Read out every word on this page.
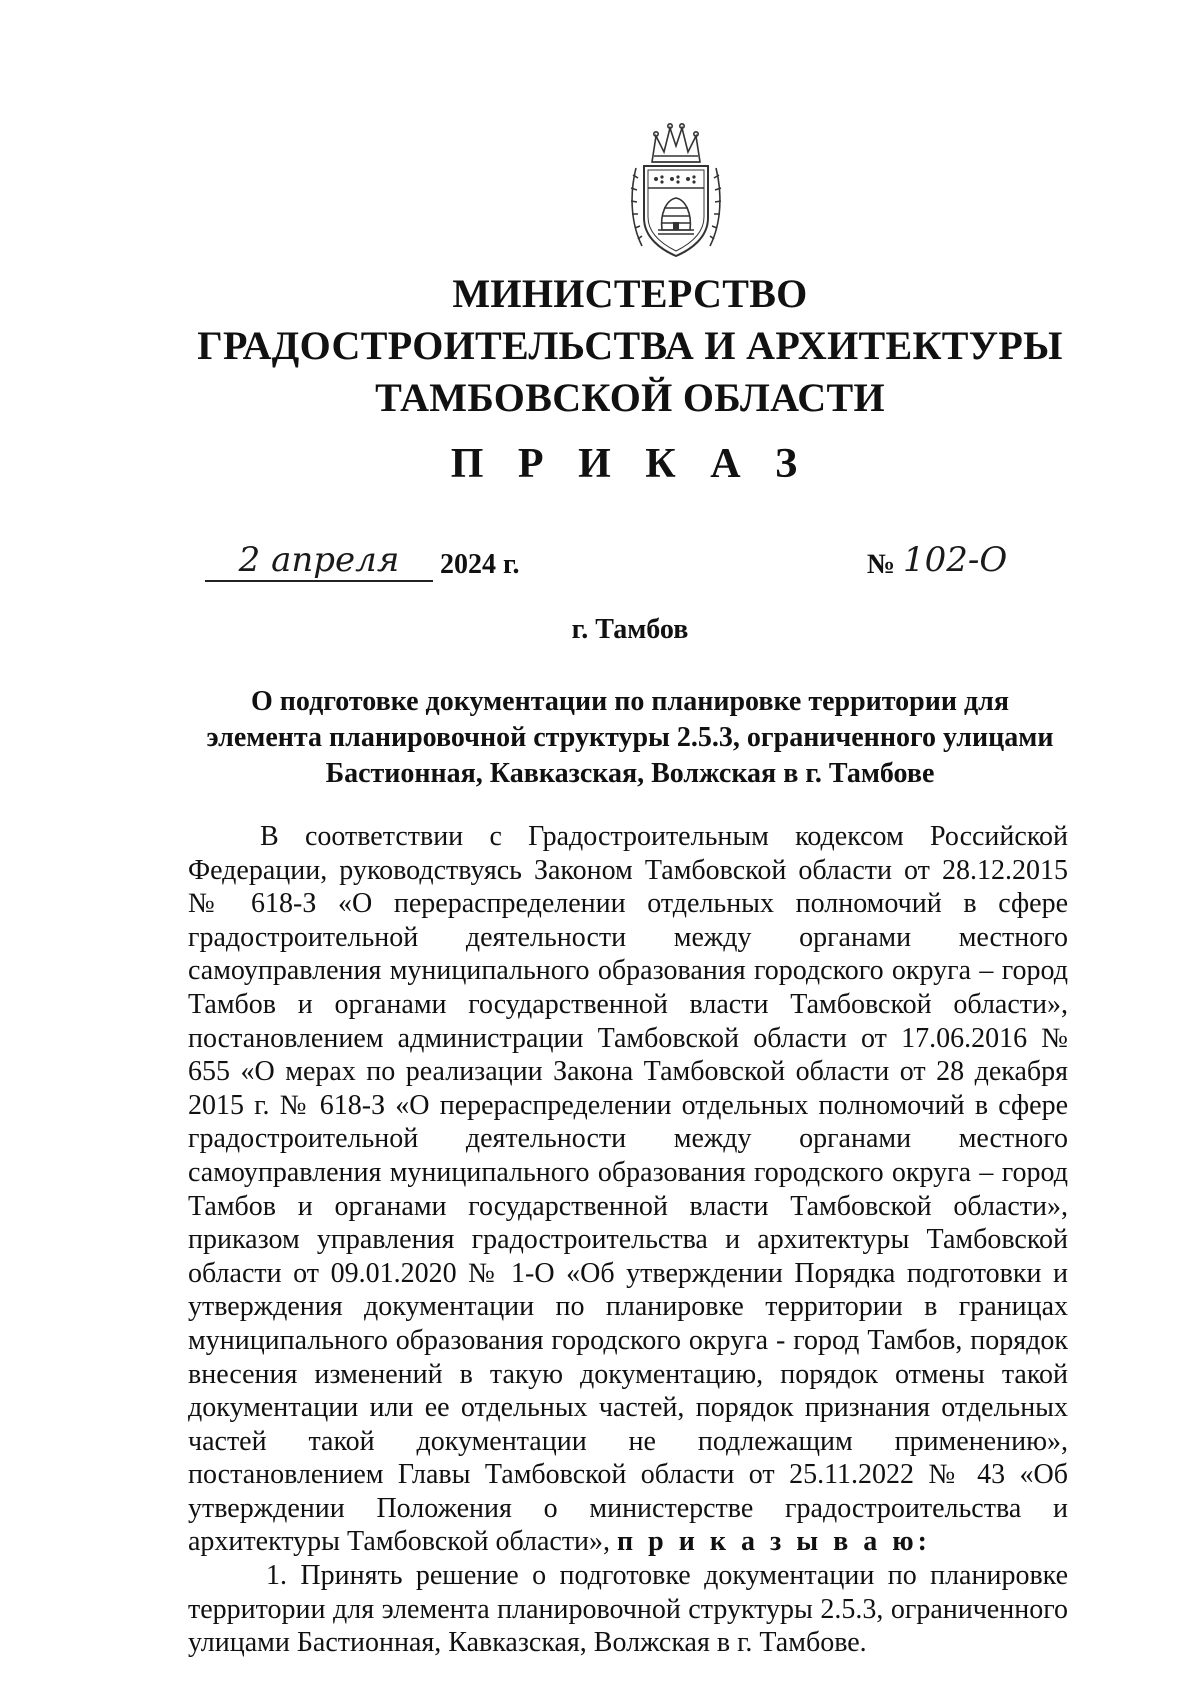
МИНИСТЕРСТВО
ГРАДОСТРОИТЕЛЬСТВА И АРХИТЕКТУРЫ
ТАМБОВСКОЙ ОБЛАСТИ
П Р И К А З
2 апреля	2024 г.	№ 102-О
г. Тамбов
О подготовке документации по планировке территории для элемента планировочной структуры 2.5.3, ограниченного улицами Бастионная, Кавказская, Волжская в г. Тамбове

В соответствии с Градостроительным кодексом Российской Федерации, руководствуясь Законом Тамбовской области от 28.12.2015 № 618-З «О перераспределении отдельных полномочий в сфере градостроительной деятельности между органами местного самоуправления муниципального образования городского округа – город Тамбов и органами государственной власти Тамбовской области», постановлением администрации Тамбовской области от 17.06.2016 № 655 «О мерах по реализации Закона Тамбовской области от 28 декабря 2015 г. № 618-З «О перераспределении отдельных полномочий в сфере градостроительной деятельности между органами местного самоуправления муниципального образования городского округа – город Тамбов и органами государственной власти Тамбовской области», приказом управления градостроительства и архитектуры Тамбовской области от 09.01.2020 № 1-О «Об утверждении Порядка подготовки и утверждения документации по планировке территории в границах муниципального образования городского округа - город Тамбов, порядок внесения изменений в такую документацию, порядок отмены такой документации или ее отдельных частей, порядок признания отдельных частей такой документации не подлежащим применению», постановлением Главы Тамбовской области от 25.11.2022 № 43 «Об утверждении Положения о министерстве градостроительства и архитектуры Тамбовской области», п р и к а з ы в а ю:

1. Принять решение о подготовке документации по планировке территории для элемента планировочной структуры 2.5.3, ограниченного улицами Бастионная, Кавказская, Волжская в г. Тамбове.
